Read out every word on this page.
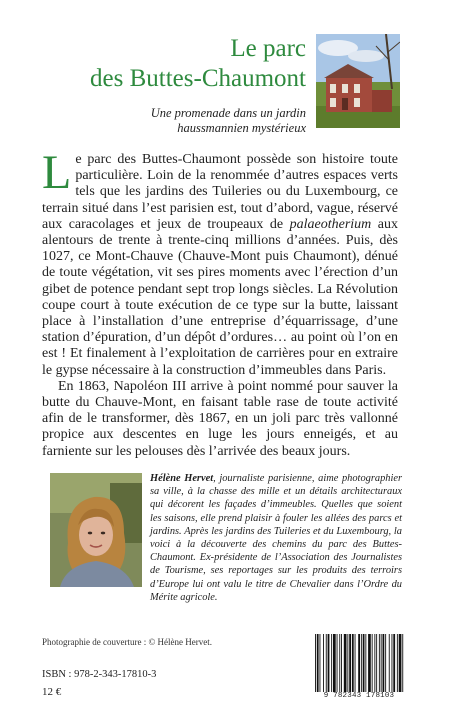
Le parc
des Buttes-Chaumont
Une promenade dans un jardin
haussmannien mystérieux

Le parc des Buttes-Chaumont possède son histoire toute particulière. Loin de la renommée d’autres espaces verts tels que les jardins des Tuileries ou du Luxembourg, ce terrain situé dans l’est parisien est, tout d’abord, vague, réservé aux caracolages et jeux de troupeaux de palaeotherium aux alentours de trente à trente-cinq millions d’années. Puis, dès 1027, ce Mont-Chauve (Chauve-Mont puis Chaumont), dénué de toute végétation, vit ses pires moments avec l’érection d’un gibet de potence pendant sept trop longs siècles. La Révolution coupe court à toute exécution de ce type sur la butte, laissant place à l’installation d’une entreprise d’équarrissage, d’une station d’épuration, d’un dépôt d’ordures… au point où l’on en est ! Et finalement à l’exploitation de carrières pour en extraire le gypse nécessaire à la construction d’immeubles dans Paris.

En 1863, Napoléon III arrive à point nommé pour sauver la butte du Chauve-Mont, en faisant table rase de toute activité afin de le transformer, dès 1867, en un joli parc très vallonné propice aux descentes en luge les jours enneigés, et au farniente sur les pelouses dès l’arrivée des beaux jours.

Hélène Hervet, journaliste parisienne, aime photographier sa ville, à la chasse des mille et un détails architecturaux qui décorent les façades d’immeubles. Quelles que soient les saisons, elle prend plaisir à fouler les allées des parcs et jardins. Après les jardins des Tuileries et du Luxembourg, la voici à la découverte des chemins du parc des Buttes-Chaumont. Ex-présidente de l’Association des Journalistes de Tourisme, ses reportages sur les produits des terroirs d’Europe lui ont valu le titre de Chevalier dans l’Ordre du Mérite agricole.
Photographie de couverture : © Hélène Hervet.
ISBN : 978-2-343-17810-3
12 €	9 782343 178103
